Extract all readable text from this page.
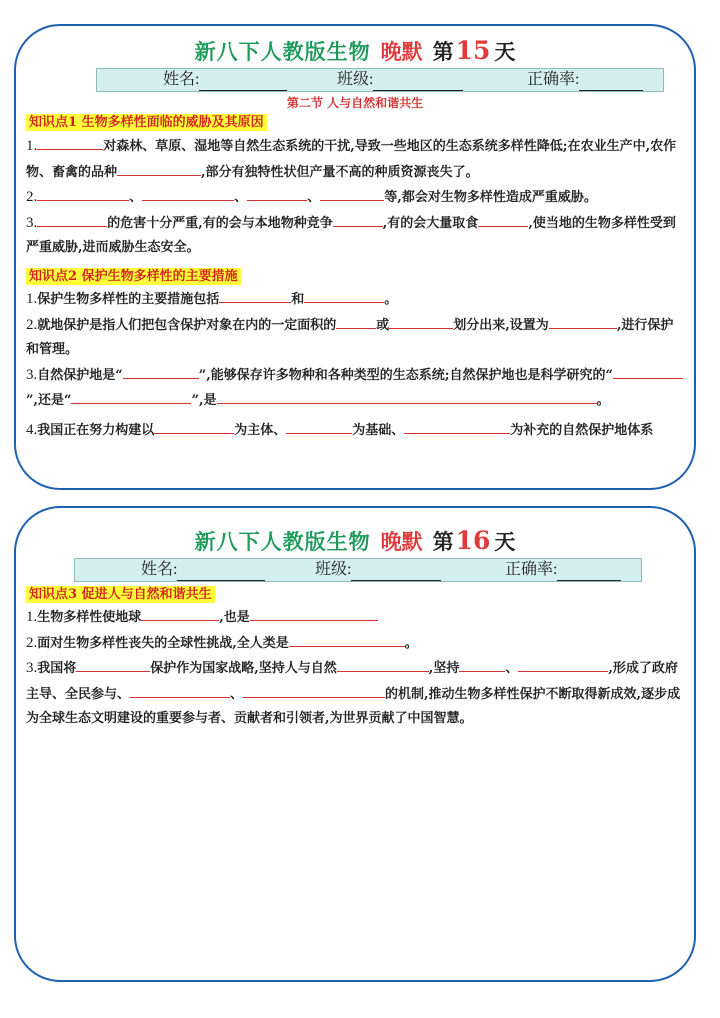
新八下人教版生物 晚默 第15 天
姓名:	班级:	正确率:
第二节 人与自然和谐共生
知识点1 生物多样性面临的威胁及其原因

1.	对森林、草原、湿地等自然生态系统的干扰,导致一些地区的生态系统多样性降低;在农业生产中,农作物、畜禽的品种	,部分有独特性状但产量不高的种质资源丧失了。

2.	、	、	、	等,都会对生物多样性造成严重威胁。

3.	的危害十分严重,有的会与本地物种竞争	,有的会大量取食	,使当地的生物多样性受到严重威胁,进而威胁生态安全。

知识点2 保护生物多样性的主要措施

1.保护生物多样性的主要措施包括	和	。

2.就地保护是指人们把包含保护对象在内的一定面积的	或	划分出来,设置为	,进行保护和管理。

3.自然保护地是“	”,能够保存许多物种和各种类型的生态系统;自然保护地也是科学研究的“”,还是“	”,是	。

4.我国正在努力构建以	为主体、	为基础、	为补充的自然保护地体系

新八下人教版生物 晚默 第16 天
姓名:	班级:	正确率:
知识点3 促进人与自然和谐共生

1.生物多样性使地球	,也是

2.面对生物多样性丧失的全球性挑战,全人类是	。

3.我国将	保护作为国家战略,坚持人与自然	,坚持	、	,形成了政府主导、全民参与、	、	的机制,推动生物多样性保护不断取得新成效,逐步成为全球生态文明建设的重要参与者、贡献者和引领者,为世界贡献了中国智慧。
